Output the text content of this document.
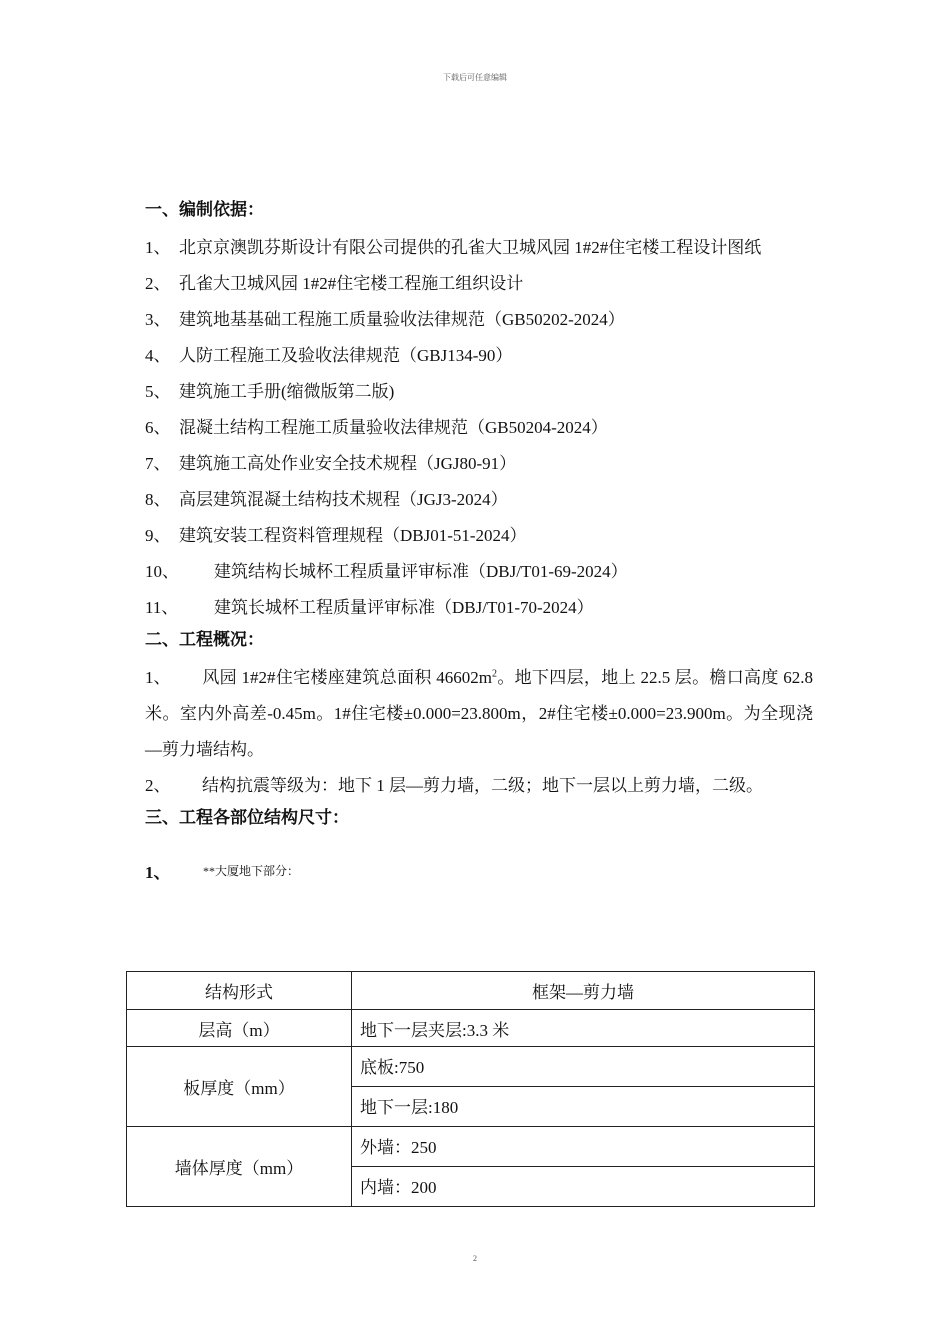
下载后可任意编辑

一、编制依据：

1、 北京京澳凯芬斯设计有限公司提供的孔雀大卫城风园 1#2#住宅楼工程设计图纸
2、 孔雀大卫城风园 1#2#住宅楼工程施工组织设计
3、 建筑地基基础工程施工质量验收法律规范（GB50202-2024）
4、 人防工程施工及验收法律规范（GBJ134-90）
5、 建筑施工手册(缩微版第二版)
6、 混凝土结构工程施工质量验收法律规范（GB50204-2024）
7、 建筑施工高处作业安全技术规程（JGJ80-91）
8、 高层建筑混凝土结构技术规程（JGJ3-2024）
9、 建筑安装工程资料管理规程（DBJ01-51-2024）
10、	建筑结构长城杯工程质量评审标准（DBJ/T01-69-2024）
11、	建筑长城杯工程质量评审标准（DBJ/T01-70-2024）

二、工程概况：

1、 风园 1#2#住宅楼座建筑总面积 $46602m^2$。地下四层，地上 22.5 层。檐口高度 62.8 米。室内外高差-0.45m。1#住宅楼±0.000=23.800m，2#住宅楼±0.000=23.900m。为全现浇—剪力墙结构。

2、 结构抗震等级为：地下 1 层—剪力墙，二级；地下一层以上剪力墙，二级。

三、工程各部位结构尺寸：

1、	**大厦地下部分：
结构形式	框架—剪力墙
层高（m）	地下一层夹层:3.3 米
板厚度（mm）	底板:750
	地下一层:180
墙体厚度（mm）	外墙：250
	内墙：200
2
